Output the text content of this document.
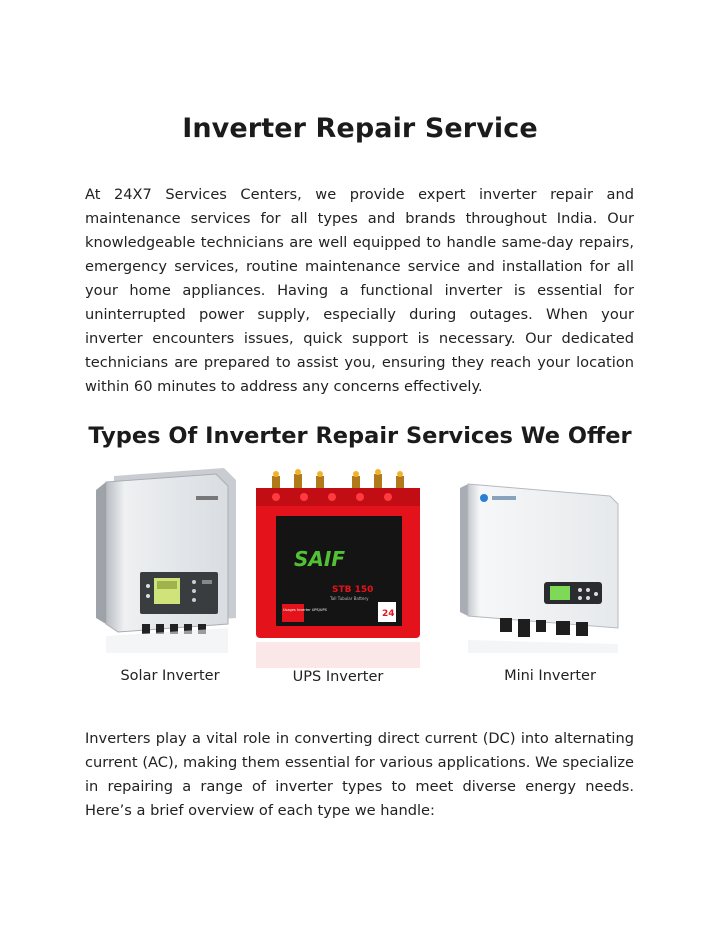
Inverter Repair Service

At 24X7 Services Centers, we provide expert inverter repair and maintenance services for all types and brands throughout India. Our knowledgeable technicians are well equipped to handle same-day repairs, emergency services, routine maintenance service and installation for all your home appliances. Having a functional inverter is essential for uninterrupted power supply, especially during outages. When your inverter encounters issues, quick support is necessary. Our dedicated technicians are prepared to assist you, ensuring they reach your location within 60 minutes to address any concerns effectively.

Types Of Inverter Repair Services We Offer
Solar Inverter
SAIF
STB 150
Tall Tubular Battery
Usages Inverter UPS/UPS	24
UPS Inverter	Mini Inverter

Inverters play a vital role in converting direct current (DC) into alternating current (AC), making them essential for various applications. We specialize in repairing a range of inverter types to meet diverse energy needs. Here’s a brief overview of each type we handle:
